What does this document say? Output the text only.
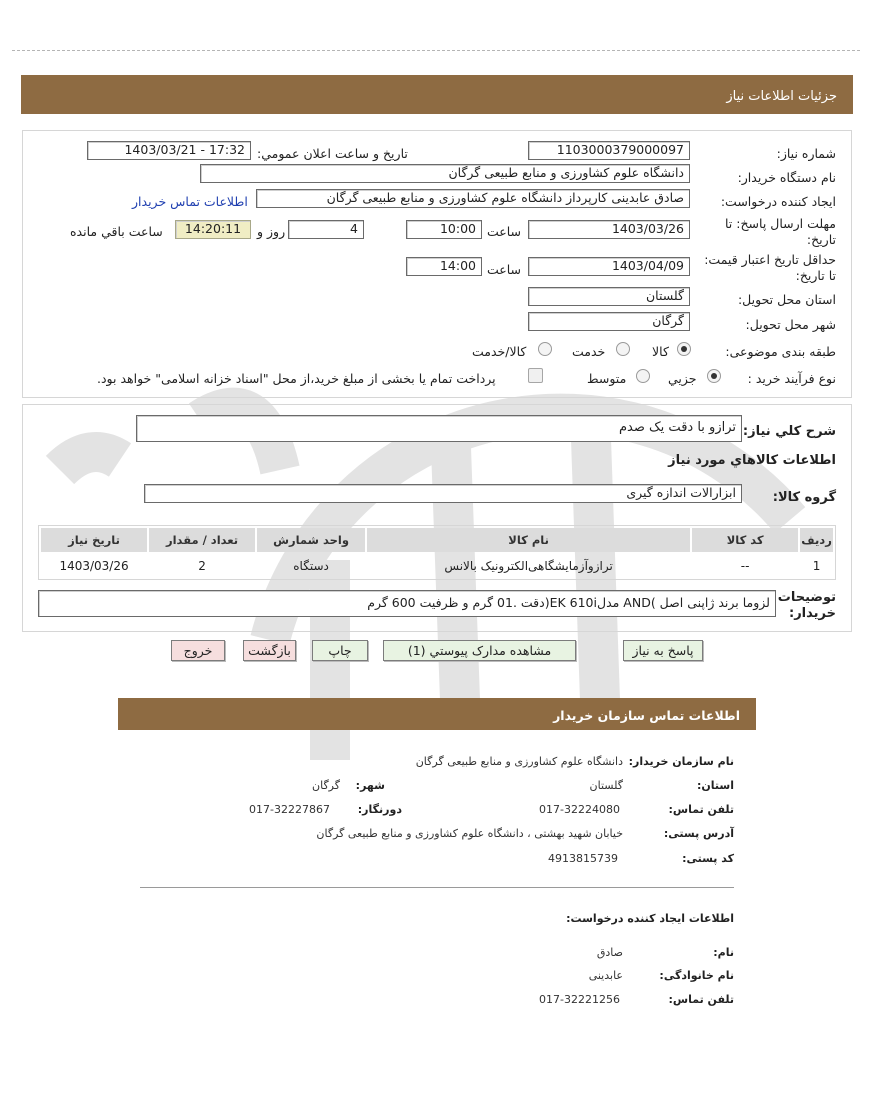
جزئیات اطلاعات نیاز
شماره نیاز:
1103000379000097
تاريخ و ساعت اعلان عمومي:
1403/03/21 - 17:32
نام دستگاه خریدار:
دانشگاه علوم کشاورزی و منابع طبیعی گرگان
ایجاد کننده درخواست:
صادق عابدینی کارپرداز دانشگاه علوم کشاورزی و منابع طبیعی گرگان
اطلاعات تماس خریدار
مهلت ارسال پاسخ: تا تاریخ:
1403/03/26
ساعت
10:00
4
روز و
14:20:11
ساعت باقي مانده
حداقل تاریخ اعتبار قیمت: تا تاریخ:
1403/04/09
ساعت
14:00
استان محل تحویل:
گلستان
شهر محل تحویل:
گرگان
طبقه بندی موضوعی:
کالا
خدمت
کالا/خدمت
نوع فرآیند خرید :
جزیي
متوسط
پرداخت تمام یا بخشی از مبلغ خرید،از محل "اسناد خزانه اسلامی" خواهد بود.
شرح كلي نياز:
ترازو با دقت یک صدم
اطلاعات كالاهاي مورد نياز
گروه کالا:
ابزارالات اندازه گیری
رديف	کد کالا	نام کالا	واحد شمارش	تعداد / مقدار	تاریخ نیاز
1	--	ترازوآزمایشگاهی‌الکترونیک بالانس	دستگاه	2	1403/03/26
توضیحات خریدار:
لزوما برند ژاپنی اصل )AND مدلEK 610i(دقت .01 گرم و ظرفیت 600 گرم
پاسخ به نیاز
مشاهده مدارک پیوستي (1)
چاپ
بازگشت
خروج
اطلاعات تماس سازمان خریدار
نام سازمان خریدار:
دانشگاه علوم کشاورزی و منابع طبیعی گرگان
استان:
گلستان
شهر:
گرگان
تلفن تماس:
017-32224080
دورنگار:
017-32227867
آدرس پستی:
خیابان شهید بهشتی ، دانشگاه علوم کشاورزی و منابع طبیعی گرگان
کد پستی:
4913815739
اطلاعات ایجاد کننده درخواست:
نام:
صادق
نام خانوادگی:
عابدینی
تلفن تماس:
017-32221256
